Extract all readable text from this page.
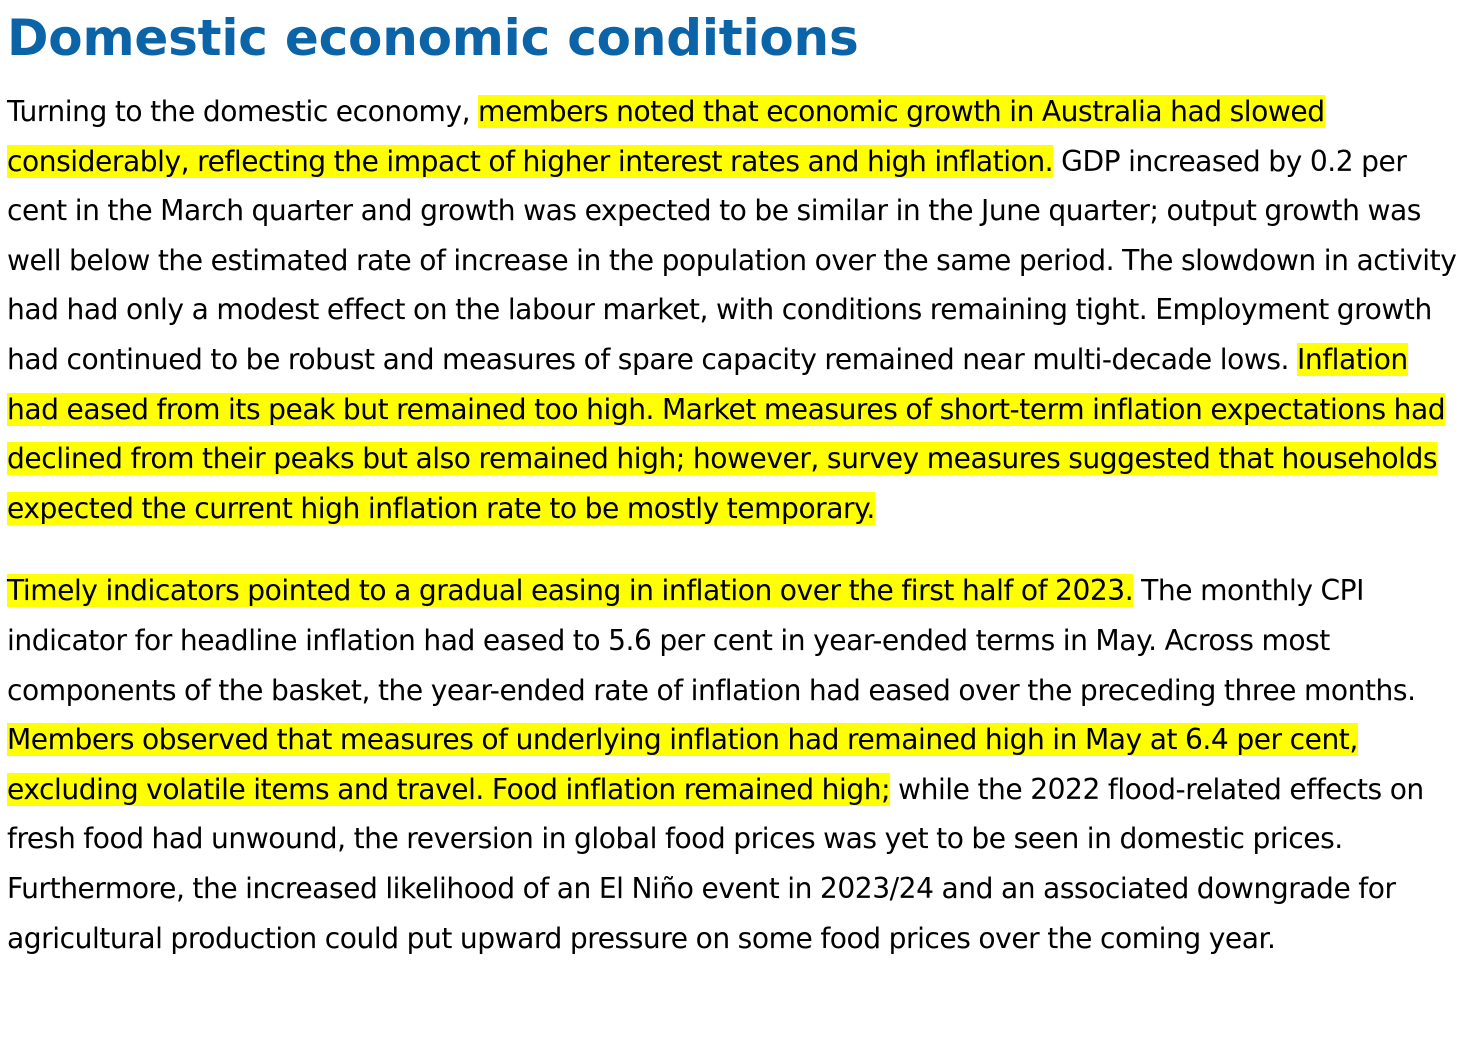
Domestic economic conditions

Turning to the domestic economy, members noted that economic growth in Australia had slowed considerably, reflecting the impact of higher interest rates and high inflation. GDP increased by 0.2 per cent in the March quarter and growth was expected to be similar in the June quarter; output growth was well below the estimated rate of increase in the population over the same period. The slowdown in activity had had only a modest effect on the labour market, with conditions remaining tight. Employment growth had continued to be robust and measures of spare capacity remained near multi-decade lows. Inflation had eased from its peak but remained too high. Market measures of short-term inflation expectations had declined from their peaks but also remained high; however, survey measures suggested that households expected the current high inflation rate to be mostly temporary.

Timely indicators pointed to a gradual easing in inflation over the first half of 2023. The monthly CPI indicator for headline inflation had eased to 5.6 per cent in year-ended terms in May. Across most components of the basket, the year-ended rate of inflation had eased over the preceding three months. Members observed that measures of underlying inflation had remained high in May at 6.4 per cent, excluding volatile items and travel. Food inflation remained high; while the 2022 flood-related effects on fresh food had unwound, the reversion in global food prices was yet to be seen in domestic prices. Furthermore, the increased likelihood of an El Niño event in 2023/24 and an associated downgrade for agricultural production could put upward pressure on some food prices over the coming year.
